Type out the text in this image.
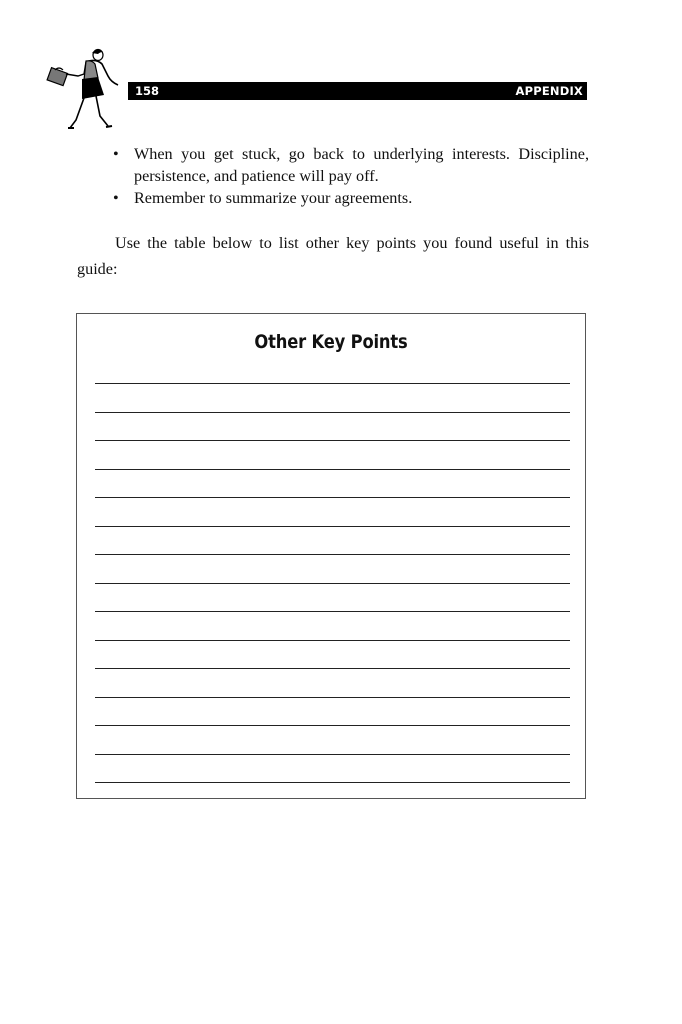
158	APPENDIX
• When you get stuck, go back to underlying interests. Discipline, persistence, and patience will pay off.
• Remember to summarize your agreements.

Use the table below to list other key points you found useful in this guide:

Other Key Points
